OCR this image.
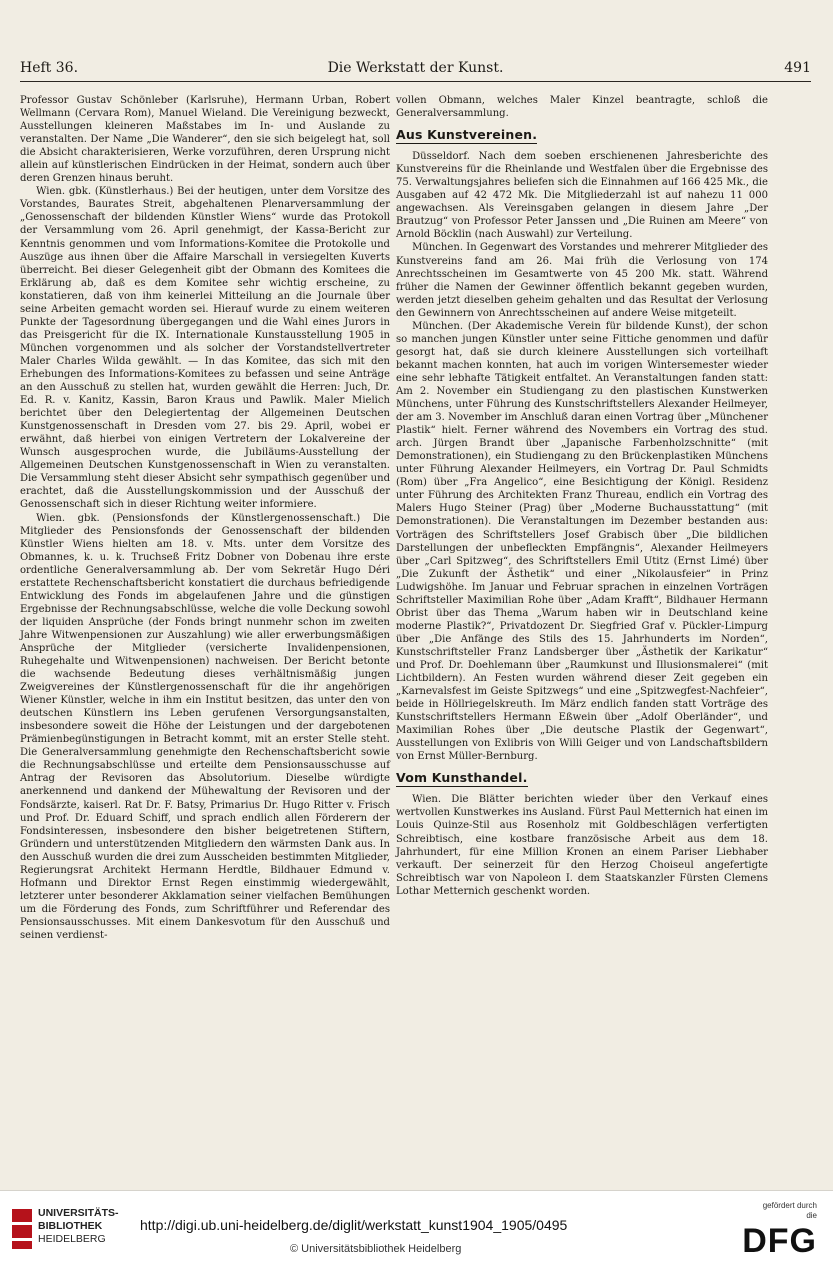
Heft 36.	Die Werkstatt der Kunst.	491

Professor Gustav Schönleber (Karlsruhe), Hermann Urban, Robert Wellmann (Cervara Rom), Manuel Wieland. Die Vereinigung bezweckt, Ausstellungen kleineren Maßstabes im In- und Auslande zu veranstalten. Der Name „Die Wanderer“, den sie sich beigelegt hat, soll die Absicht charakterisieren, Werke vorzuführen, deren Ursprung nicht allein auf künstlerischen Eindrücken in der Heimat, sondern auch über deren Grenzen hinaus beruht.

Wien. gbk. (Künstlerhaus.) Bei der heutigen, unter dem Vorsitze des Vorstandes, Baurates Streit, abgehaltenen Plenarversammlung der „Genossenschaft der bildenden Künstler Wiens“ wurde das Protokoll der Versammlung vom 26. April genehmigt, der Kassa-Bericht zur Kenntnis genommen und vom Informations-Komitee die Protokolle und Auszüge aus ihnen über die Affaire Marschall in versiegelten Kuverts überreicht. Bei dieser Gelegenheit gibt der Obmann des Komitees die Erklärung ab, daß es dem Komitee sehr wichtig erscheine, zu konstatieren, daß von ihm keinerlei Mitteilung an die Journale über seine Arbeiten gemacht worden sei. Hierauf wurde zu einem weiteren Punkte der Tagesordnung übergegangen und die Wahl eines Jurors in das Preisgericht für die IX. Internationale Kunstausstellung 1905 in München vorgenommen und als solcher der Vorstandstellvertreter Maler Charles Wilda gewählt. — In das Komitee, das sich mit den Erhebungen des Informations-Komitees zu befassen und seine Anträge an den Ausschuß zu stellen hat, wurden gewählt die Herren: Juch, Dr. Ed. R. v. Kanitz, Kassin, Baron Kraus und Pawlik. Maler Mielich berichtet über den Delegiertentag der Allgemeinen Deutschen Kunstgenossenschaft in Dresden vom 27. bis 29. April, wobei er erwähnt, daß hierbei von einigen Vertretern der Lokalvereine der Wunsch ausgesprochen wurde, die Jubiläums-Ausstellung der Allgemeinen Deutschen Kunstgenossenschaft in Wien zu veranstalten. Die Versammlung steht dieser Absicht sehr sympathisch gegenüber und erachtet, daß die Ausstellungskommission und der Ausschuß der Genossenschaft sich in dieser Richtung weiter informiere.

Wien. gbk. (Pensionsfonds der Künstlergenossenschaft.) Die Mitglieder des Pensionsfonds der Genossenschaft der bildenden Künstler Wiens hielten am 18. v. Mts. unter dem Vorsitze des Obmannes, k. u. k. Truchseß Fritz Dobner von Dobenau ihre erste ordentliche Generalversammlung ab. Der vom Sekretär Hugo Déri erstattete Rechenschaftsbericht konstatiert die durchaus befriedigende Entwicklung des Fonds im abgelaufenen Jahre und die günstigen Ergebnisse der Rechnungsabschlüsse, welche die volle Deckung sowohl der liquiden Ansprüche (der Fonds bringt nunmehr schon im zweiten Jahre Witwenpensionen zur Auszahlung) wie aller erwerbungsmäßigen Ansprüche der Mitglieder (versicherte Invalidenpensionen, Ruhegehalte und Witwenpensionen) nachweisen. Der Bericht betonte die wachsende Bedeutung dieses verhältnismäßig jungen Zweigvereines der Künstlergenossenschaft für die ihr angehörigen Wiener Künstler, welche in ihm ein Institut besitzen, das unter den von deutschen Künstlern ins Leben gerufenen Versorgungsanstalten, insbesondere soweit die Höhe der Leistungen und der dargebotenen Prämienbegünstigungen in Betracht kommt, mit an erster Stelle steht. Die Generalversammlung genehmigte den Rechenschaftsbericht sowie die Rechnungsabschlüsse und erteilte dem Pensionsausschusse auf Antrag der Revisoren das Absolutorium. Dieselbe würdigte anerkennend und dankend der Mühewaltung der Revisoren und der Fondsärzte, kaiserl. Rat Dr. F. Batsy, Primarius Dr. Hugo Ritter v. Frisch und Prof. Dr. Eduard Schiff, und sprach endlich allen Förderern der Fondsinteressen, insbesondere den bisher beigetretenen Stiftern, Gründern und unterstützenden Mitgliedern den wärmsten Dank aus. In den Ausschuß wurden die drei zum Ausscheiden bestimmten Mitglieder, Regierungsrat Architekt Hermann Herdtle, Bildhauer Edmund v. Hofmann und Direktor Ernst Regen einstimmig wiedergewählt, letzterer unter besonderer Akklamation seiner vielfachen Bemühungen um die Förderung des Fonds, zum Schriftführer und Referendar des Pensionsausschusses. Mit einem Dankesvotum für den Ausschuß und seinen verdienst-

vollen Obmann, welches Maler Kinzel beantragte, schloß die Generalversammlung.

Aus Kunstvereinen.

Düsseldorf. Nach dem soeben erschienenen Jahresberichte des Kunstvereins für die Rheinlande und Westfalen über die Ergebnisse des 75. Verwaltungsjahres beliefen sich die Einnahmen auf 166 425 Mk., die Ausgaben auf 42 472 Mk. Die Mitgliederzahl ist auf nahezu 11 000 angewachsen. Als Vereinsgaben gelangen in diesem Jahre „Der Brautzug“ von Professor Peter Janssen und „Die Ruinen am Meere“ von Arnold Böcklin (nach Auswahl) zur Verteilung.

München. In Gegenwart des Vorstandes und mehrerer Mitglieder des Kunstvereins fand am 26. Mai früh die Verlosung von 174 Anrechtsscheinen im Gesamtwerte von 45 200 Mk. statt. Während früher die Namen der Gewinner öffentlich bekannt gegeben wurden, werden jetzt dieselben geheim gehalten und das Resultat der Verlosung den Gewinnern von Anrechtsscheinen auf andere Weise mitgeteilt.

München. (Der Akademische Verein für bildende Kunst), der schon so manchen jungen Künstler unter seine Fittiche genommen und dafür gesorgt hat, daß sie durch kleinere Ausstellungen sich vorteilhaft bekannt machen konnten, hat auch im vorigen Wintersemester wieder eine sehr lebhafte Tätigkeit entfaltet. An Veranstaltungen fanden statt: Am 2. November ein Studiengang zu den plastischen Kunstwerken Münchens, unter Führung des Kunstschriftstellers Alexander Heilmeyer, der am 3. November im Anschluß daran einen Vortrag über „Münchener Plastik“ hielt. Ferner während des Novembers ein Vortrag des stud. arch. Jürgen Brandt über „Japanische Farbenholzschnitte“ (mit Demonstrationen), ein Studiengang zu den Brückenplastiken Münchens unter Führung Alexander Heilmeyers, ein Vortrag Dr. Paul Schmidts (Rom) über „Fra Angelico“, eine Besichtigung der Königl. Residenz unter Führung des Architekten Franz Thureau, endlich ein Vortrag des Malers Hugo Steiner (Prag) über „Moderne Buchausstattung“ (mit Demonstrationen). Die Veranstaltungen im Dezember bestanden aus: Vorträgen des Schriftstellers Josef Grabisch über „Die bildlichen Darstellungen der unbefleckten Empfängnis“, Alexander Heilmeyers über „Carl Spitzweg“, des Schriftstellers Emil Utitz (Ernst Limé) über „Die Zukunft der Ästhetik“ und einer „Nikolausfeier“ in Prinz Ludwigshöhe. Im Januar und Februar sprachen in einzelnen Vorträgen Schriftsteller Maximilian Rohe über „Adam Krafft“, Bildhauer Hermann Obrist über das Thema „Warum haben wir in Deutschland keine moderne Plastik?“, Privatdozent Dr. Siegfried Graf v. Pückler-Limpurg über „Die Anfänge des Stils des 15. Jahrhunderts im Norden“, Kunstschriftsteller Franz Landsberger über „Ästhetik der Karikatur“ und Prof. Dr. Doehlemann über „Raumkunst und Illusionsmalerei“ (mit Lichtbildern). An Festen wurden während dieser Zeit gegeben ein „Karnevalsfest im Geiste Spitzwegs“ und eine „Spitzwegfest-Nachfeier“, beide in Höllriegelskreuth. Im März endlich fanden statt Vorträge des Kunstschriftstellers Hermann Eßwein über „Adolf Oberländer“, und Maximilian Rohes über „Die deutsche Plastik der Gegenwart“, Ausstellungen von Exlibris von Willi Geiger und von Landschaftsbildern von Ernst Müller-Bernburg.

Vom Kunsthandel.

Wien. Die Blätter berichten wieder über den Verkauf eines wertvollen Kunstwerkes ins Ausland. Fürst Paul Metternich hat einen im Louis Quinze-Stil aus Rosenholz mit Goldbeschlägen verfertigten Schreibtisch, eine kostbare französische Arbeit aus dem 18. Jahrhundert, für eine Million Kronen an einem Pariser Liebhaber verkauft. Der seinerzeit für den Herzog Choiseul angefertigte Schreibtisch war von Napoleon I. dem Staatskanzler Fürsten Clemens Lothar Metternich geschenkt worden.

UNIVERSITÄTS-
BIBLIOTHEK
HEIDELBERG
http://digi.ub.uni-heidelberg.de/diglit/werkstatt_kunst1904_1905/0495
© Universitätsbibliothek Heidelberg
gefördert durch
die
DFG
